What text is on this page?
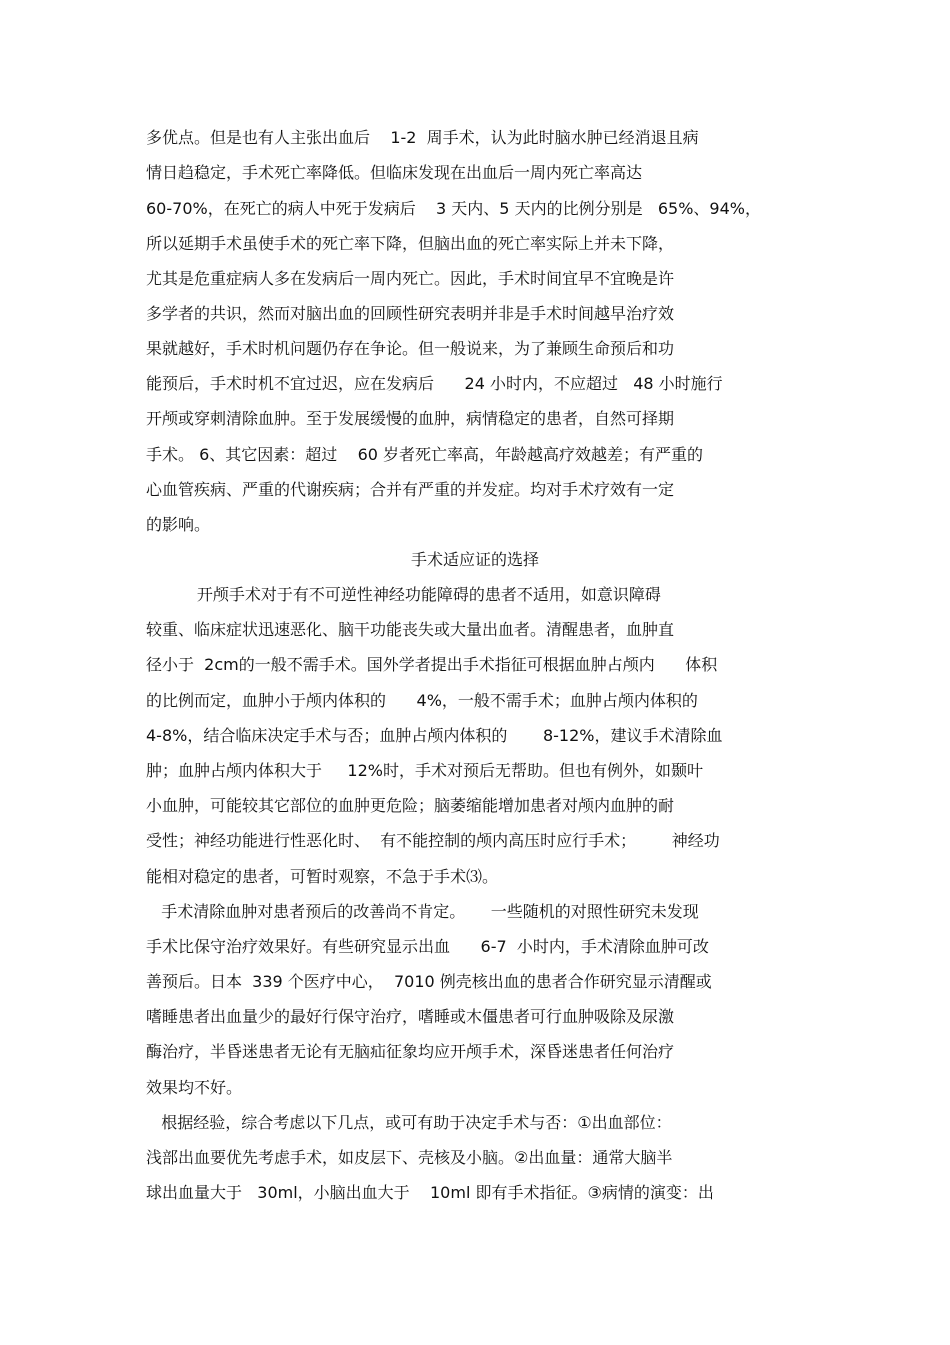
多优点。但是也有人主张出血后    1-2  周手术，认为此时脑水肿已经消退且病
情日趋稳定，手术死亡率降低。但临床发现在出血后一周内死亡率高达
60-70%，在死亡的病人中死于发病后    3 天内、5 天内的比例分别是   65%、94%，
所以延期手术虽使手术的死亡率下降，但脑出血的死亡率实际上并未下降，
尤其是危重症病人多在发病后一周内死亡。因此，手术时间宜早不宜晚是许
多学者的共识，然而对脑出血的回顾性研究表明并非是手术时间越早治疗效
果就越好，手术时机问题仍存在争论。但一般说来，为了兼顾生命预后和功
能预后，手术时机不宜过迟，应在发病后      24 小时内，不应超过   48 小时施行
开颅或穿刺清除血肿。至于发展缓慢的血肿，病情稳定的患者，自然可择期
手术。 6、其它因素：超过    60 岁者死亡率高，年龄越高疗效越差；有严重的
心血管疾病、严重的代谢疾病；合并有严重的并发症。均对手术疗效有一定
的影响。
手术适应证的选择
开颅手术对于有不可逆性神经功能障碍的患者不适用，如意识障碍
较重、临床症状迅速恶化、脑干功能丧失或大量出血者。清醒患者，血肿直
径小于  2cm的一般不需手术。国外学者提出手术指征可根据血肿占颅内      体积
的比例而定，血肿小于颅内体积的      4%，一般不需手术；血肿占颅内体积的
4-8%，结合临床决定手术与否；血肿占颅内体积的       8-12%，建议手术清除血
肿；血肿占颅内体积大于     12%时，手术对预后无帮助。但也有例外，如颞叶
小血肿，可能较其它部位的血肿更危险；脑萎缩能增加患者对颅内血肿的耐
受性；神经功能进行性恶化时、  有不能控制的颅内高压时应行手术；       神经功
能相对稳定的患者，可暂时观察，不急于手术⑶。
手术清除血肿对患者预后的改善尚不肯定。     一些随机的对照性研究未发现
手术比保守治疗效果好。有些研究显示出血      6-7  小时内，手术清除血肿可改
善预后。日本  339 个医疗中心，  7010 例壳核出血的患者合作研究显示清醒或
嗜睡患者出血量少的最好行保守治疗，嗜睡或木僵患者可行血肿吸除及尿激
酶治疗，半昏迷患者无论有无脑疝征象均应开颅手术，深昏迷患者任何治疗
效果均不好。
根据经验，综合考虑以下几点，或可有助于决定手术与否：①出血部位：
浅部出血要优先考虑手术，如皮层下、壳核及小脑。②出血量：通常大脑半
球出血量大于   30ml，小脑出血大于    10ml 即有手术指征。③病情的演变：出
